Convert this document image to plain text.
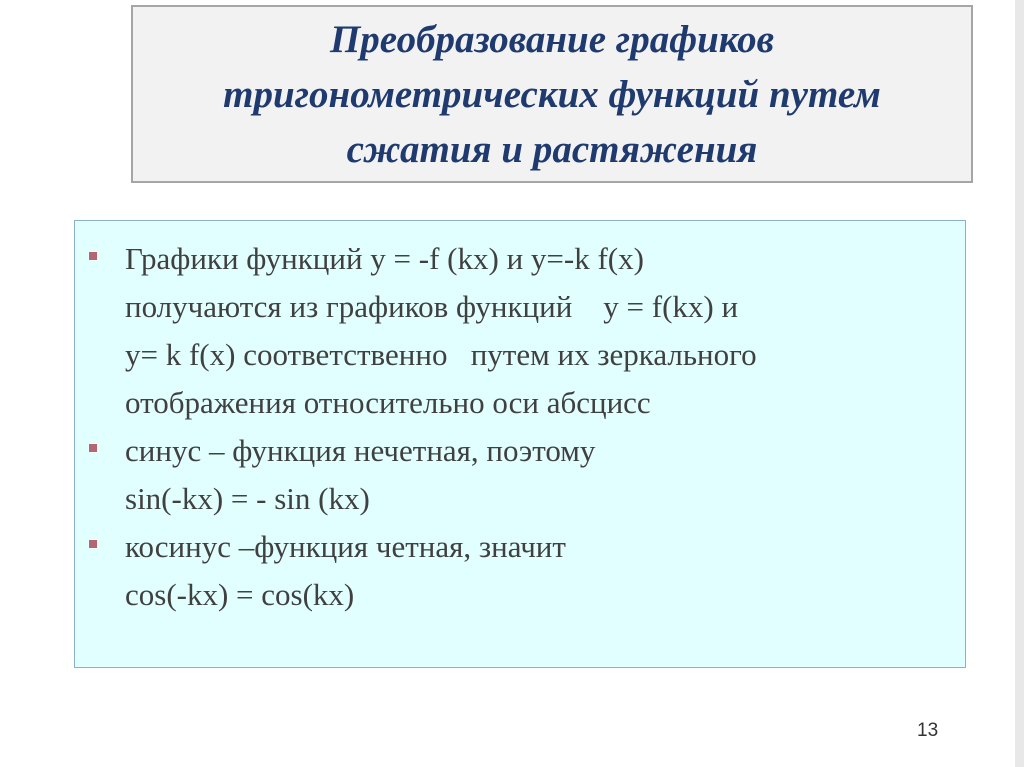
Преобразование графиков
тригонометрических функций путем
сжатия и растяжения
Графики функций y = -f (kx) и y=-k f(x)
получаются из графиков функций    y = f(kx) и
y= k f(x) соответственно   путем их зеркального
отображения относительно оси абсцисс
синус – функция нечетная, поэтому
sin(-kx) = - sin (kx)
косинус –функция четная, значит
cos(-kx) = cos(kx)
13
